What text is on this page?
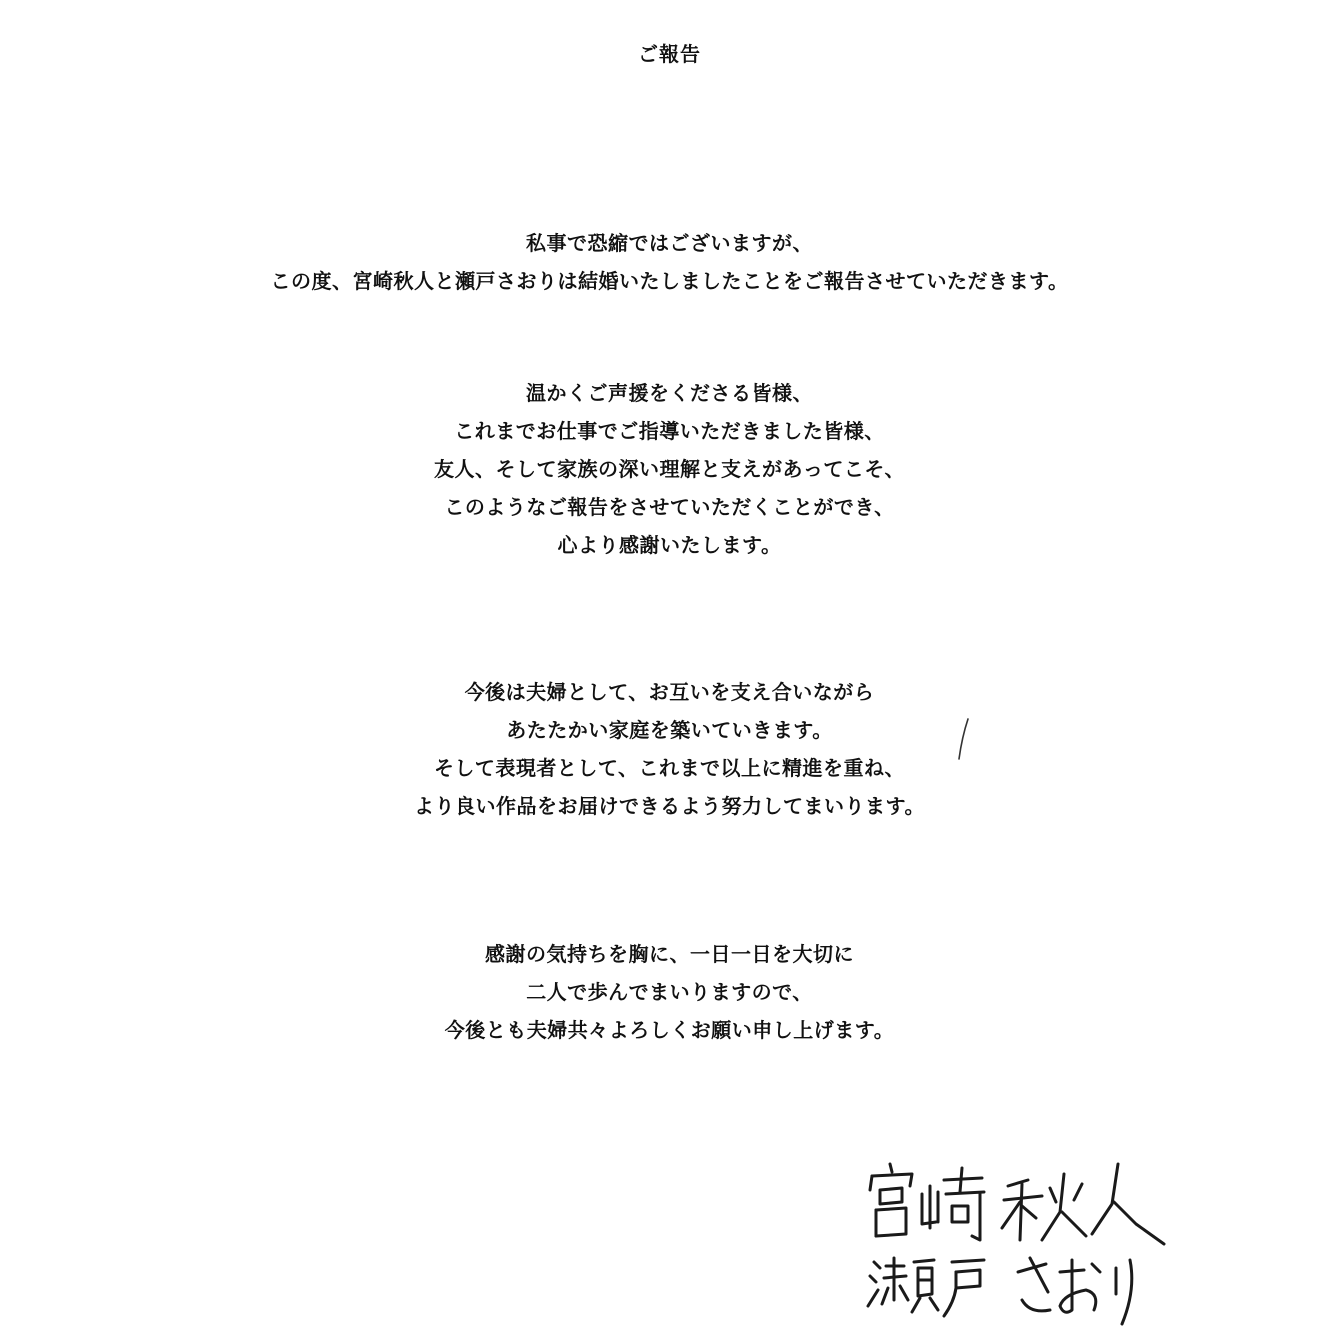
ご報告
私事で恐縮ではございますが、
この度、宮崎秋人と瀬戸さおりは結婚いたしましたことをご報告させていただきます。
温かくご声援をくださる皆様、
これまでお仕事でご指導いただきました皆様、
友人、そして家族の深い理解と支えがあってこそ、
このようなご報告をさせていただくことができ、
心より感謝いたします。
今後は夫婦として、お互いを支え合いながら
あたたかい家庭を築いていきます。
そして表現者として、これまで以上に精進を重ね、
より良い作品をお届けできるよう努力してまいります。
感謝の気持ちを胸に、一日一日を大切に
二人で歩んでまいりますので、
今後とも夫婦共々よろしくお願い申し上げます。
